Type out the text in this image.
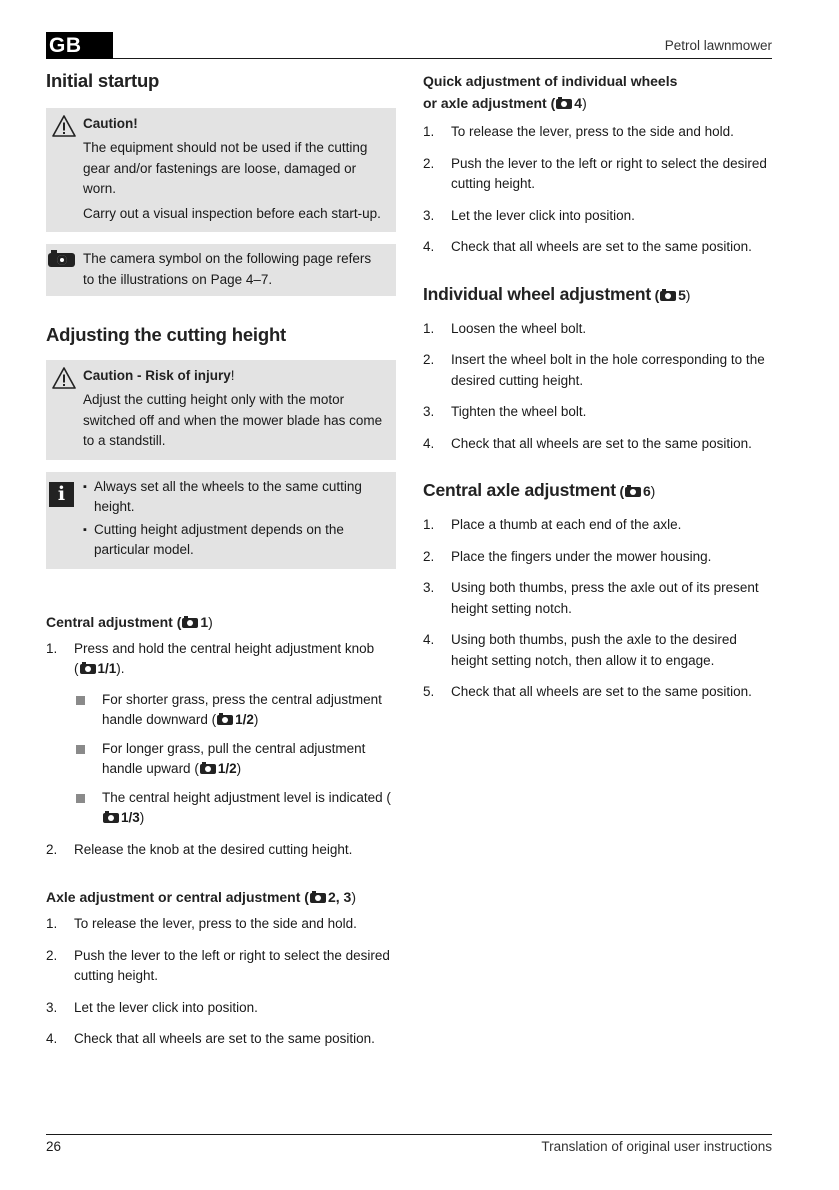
GB	Petrol lawnmower
Initial startup
Caution!

The equipment should not be used if the cutting gear and/or fastenings are loose, damaged or worn.

Carry out a visual inspection before each start-up.

The camera symbol on the following page refers to the illustrations on Page 4–7.
Adjusting the cutting height
Caution - Risk of injury!

Adjust the cutting height only with the motor switched off and when the mower blade has come to a standstill.

i
▪	Always set all the wheels to the same cutting height.
▪ Cutting height adjustment depends on the particular model.
Central adjustment ( 1)
1. Press and hold the central height adjustment knob
( 1/1).
For shorter grass, press the central adjustment handle downward ( 1/2)
For longer grass, pull the central adjustment handle upward ( 1/2)
The central height adjustment level is indicated (1/3)
2. Release the knob at the desired cutting height.
Axle adjustment or central adjustment ( 2, 3)
1. To release the lever, press to the side and hold.
2. Push the lever to the left or right to select the desired cutting height.
3. Let the lever click into position.
4. Check that all wheels are set to the same position.
Quick adjustment of individual wheels
or axle adjustment ( 4)
1. To release the lever, press to the side and hold.
2. Push the lever to the left or right to select the desired cutting height.
3. Let the lever click into position.
4. Check that all wheels are set to the same position.
Individual wheel adjustment ( 5)
1. Loosen the wheel bolt.
2. Insert the wheel bolt in the hole corresponding to the desired cutting height.
3. Tighten the wheel bolt.
4. Check that all wheels are set to the same position.
Central axle adjustment ( 6)
1. Place a thumb at each end of the axle.
2. Place the fingers under the mower housing.
3. Using both thumbs, press the axle out of its present height setting notch.
4. Using both thumbs, push the axle to the desired height setting notch, then allow it to engage.
5. Check that all wheels are set to the same position.
26	Translation of original user instructions
